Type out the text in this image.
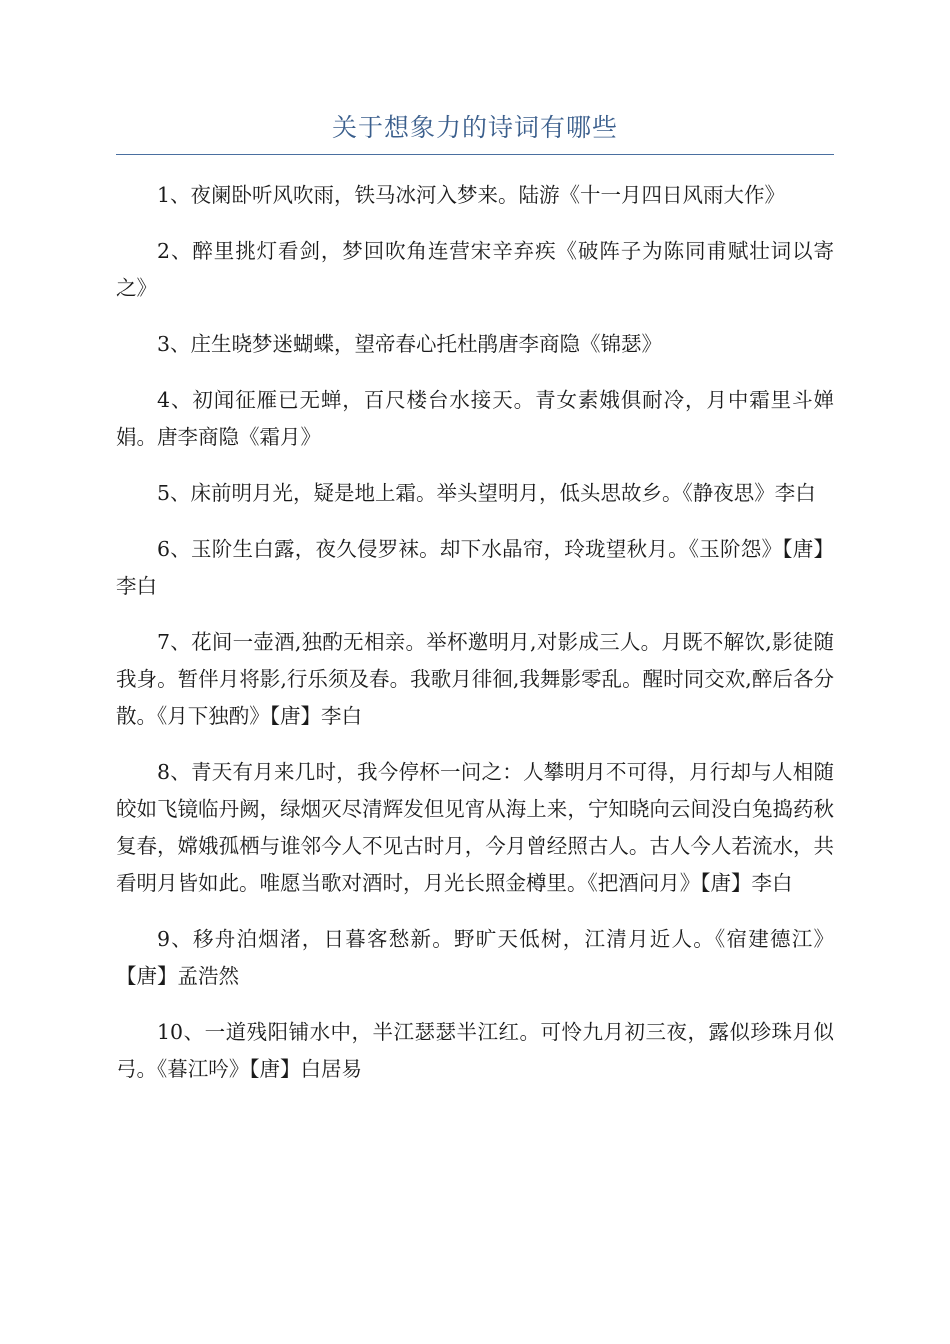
关于想象力的诗词有哪些

1、夜阑卧听风吹雨，铁马冰河入梦来。陆游《十一月四日风雨大作》

2、醉里挑灯看剑，梦回吹角连营宋辛弃疾《破阵子为陈同甫赋壮词以寄之》

3、庄生晓梦迷蝴蝶，望帝春心托杜鹃唐李商隐《锦瑟》

4、初闻征雁已无蝉，百尺楼台水接天。青女素娥俱耐冷，月中霜里斗婵娟。唐李商隐《霜月》

5、床前明月光，疑是地上霜。举头望明月，低头思故乡。《静夜思》李白

6、玉阶生白露，夜久侵罗袜。却下水晶帘，玲珑望秋月。《玉阶怨》【唐】李白

7、花间一壶酒,独酌无相亲。举杯邀明月,对影成三人。月既不解饮,影徒随我身。暂伴月将影,行乐须及春。我歌月徘徊,我舞影零乱。醒时同交欢,醉后各分散。《月下独酌》【唐】李白

8、青天有月来几时，我今停杯一问之：人攀明月不可得，月行却与人相随皎如飞镜临丹阙，绿烟灭尽清辉发但见宵从海上来，宁知晓向云间没白兔捣药秋复春，嫦娥孤栖与谁邻今人不见古时月，今月曾经照古人。古人今人若流水，共看明月皆如此。唯愿当歌对酒时，月光长照金樽里。《把酒问月》【唐】李白

9、移舟泊烟渚，日暮客愁新。野旷天低树，江清月近人。《宿建德江》【唐】孟浩然

10、一道残阳铺水中，半江瑟瑟半江红。可怜九月初三夜，露似珍珠月似弓。《暮江吟》【唐】白居易
